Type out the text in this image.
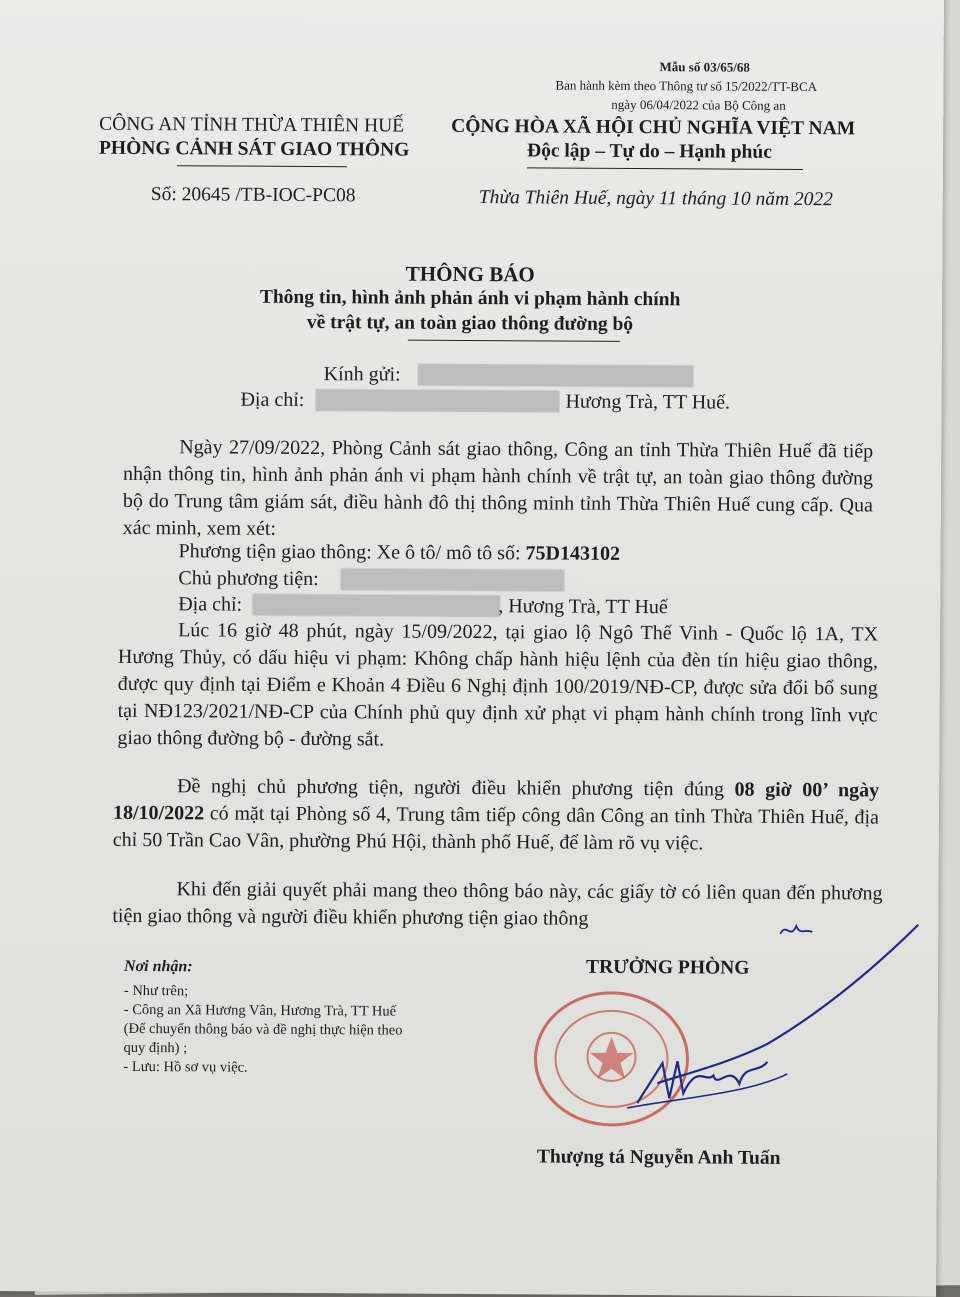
Mẫu số 03/65/68
Ban hành kèm theo Thông tư số 15/2022/TT-BCA
ngày 06/04/2022 của Bộ Công an
CÔNG AN TỈNH THỪA THIÊN HUẾ
PHÒNG CẢNH SÁT GIAO THÔNG
Số: 20645 /TB-IOC-PC08
CỘNG HÒA XÃ HỘI CHỦ NGHĨA VIỆT NAM
Độc lập – Tự do – Hạnh phúc
Thừa Thiên Huế, ngày 11 tháng 10 năm 2022
THÔNG BÁO
Thông tin, hình ảnh phản ánh vi phạm hành chính
về trật tự, an toàn giao thông đường bộ
Kính gửi:
Địa chỉ:	Hương Trà, TT Huế.
Ngày 27/09/2022, Phòng Cảnh sát giao thông, Công an tỉnh Thừa Thiên Huế đã tiếp nhận thông tin, hình ảnh phản ánh vi phạm hành chính về trật tự, an toàn giao thông đường bộ do Trung tâm giám sát, điều hành đô thị thông minh tỉnh Thừa Thiên Huế cung cấp. Qua xác minh, xem xét:
Phương tiện giao thông: Xe ô tô/ mô tô số: 75D143102
Chủ phương tiện:
Địa chỉ:	, Hương Trà, TT Huế
Lúc 16 giờ 48 phút, ngày 15/09/2022, tại giao lộ Ngô Thế Vinh - Quốc lộ 1A, TX Hương Thủy, có dấu hiệu vi phạm: Không chấp hành hiệu lệnh của đèn tín hiệu giao thông, được quy định tại Điểm e Khoản 4 Điều 6 Nghị định 100/2019/NĐ-CP, được sửa đổi bổ sung tại NĐ123/2021/NĐ-CP của Chính phủ quy định xử phạt vi phạm hành chính trong lĩnh vực giao thông đường bộ - đường sắt.
Đề nghị chủ phương tiện, người điều khiển phương tiện đúng 08 giờ 00’ ngày 18/10/2022 có mặt tại Phòng số 4, Trung tâm tiếp công dân Công an tỉnh Thừa Thiên Huế, địa chỉ 50 Trần Cao Vân, phường Phú Hội, thành phố Huế, để làm rõ vụ việc.
Khi đến giải quyết phải mang theo thông báo này, các giấy tờ có liên quan đến phương tiện giao thông và người điều khiển phương tiện giao thông
Nơi nhận:
- Như trên;
- Công an Xã Hương Vân, Hương Trà, TT Huế
(Để chuyển thông báo và đề nghị thực hiện theo
quy định) ;
- Lưu: Hồ sơ vụ việc.
TRƯỞNG PHÒNG
Thượng tá Nguyễn Anh Tuấn
